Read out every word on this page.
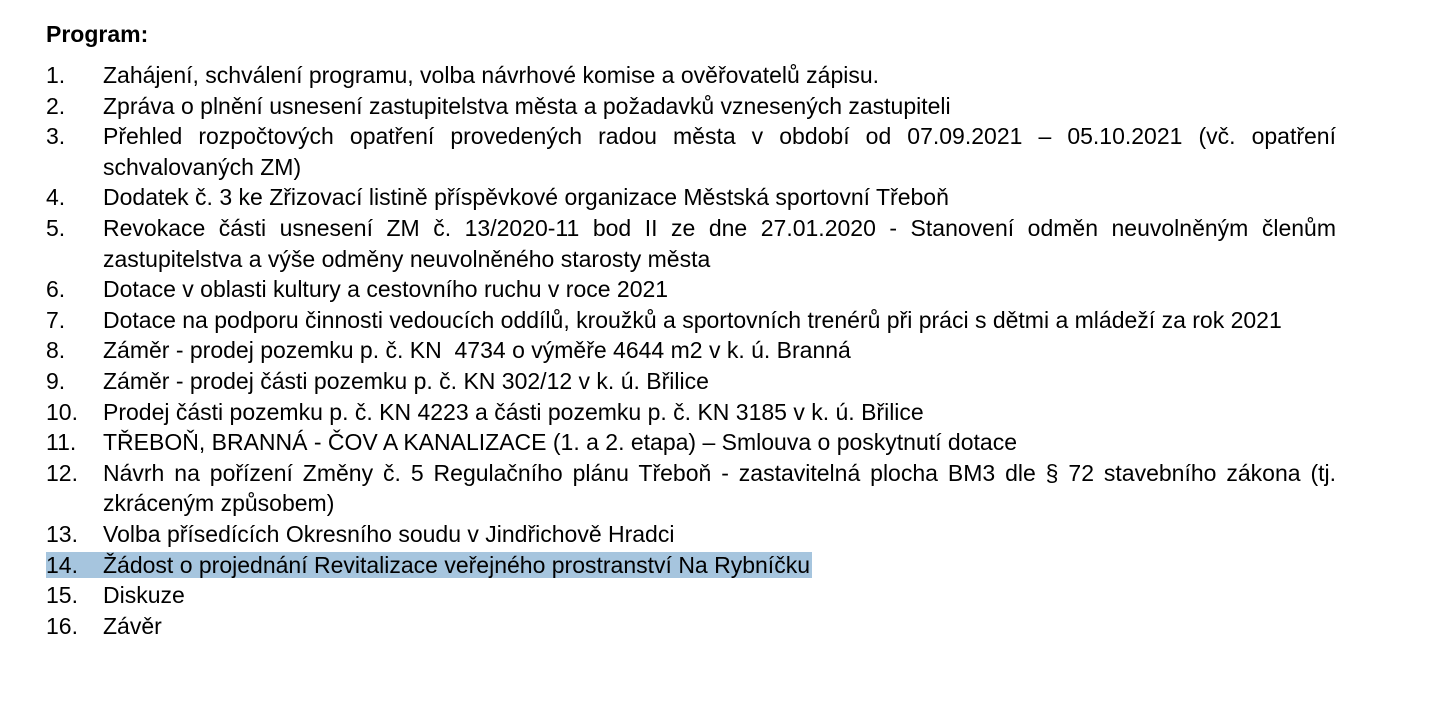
Program:
1. Zahájení, schválení programu, volba návrhové komise a ověřovatelů zápisu.
2. Zpráva o plnění usnesení zastupitelstva města a požadavků vznesených zastupiteli
3. Přehled rozpočtových opatření provedených radou města v období od 07.09.2021 – 05.10.2021 (vč. opatření schvalovaných ZM)
4. Dodatek č. 3 ke Zřizovací listině příspěvkové organizace Městská sportovní Třeboň
5. Revokace části usnesení ZM č. 13/2020-11 bod II ze dne 27.01.2020 - Stanovení odměn neuvolněným členům zastupitelstva a výše odměny neuvolněného starosty města
6. Dotace v oblasti kultury a cestovního ruchu v roce 2021
7. Dotace na podporu činnosti vedoucích oddílů, kroužků a sportovních trenérů při práci s dětmi a mládeží za rok 2021
8. Záměr - prodej pozemku p. č. KN  4734 o výměře 4644 m2 v k. ú. Branná
9. Záměr - prodej části pozemku p. č. KN 302/12 v k. ú. Břilice
10. Prodej části pozemku p. č. KN 4223 a části pozemku p. č. KN 3185 v k. ú. Břilice
11. TŘEBOŇ, BRANNÁ - ČOV A KANALIZACE (1. a 2. etapa) – Smlouva o poskytnutí dotace
12. Návrh na pořízení Změny č. 5 Regulačního plánu Třeboň - zastavitelná plocha BM3 dle § 72 stavebního zákona (tj. zkráceným způsobem)
13. Volba přísedících Okresního soudu v Jindřichově Hradci
14. Žádost o projednání Revitalizace veřejného prostranství Na Rybníčku
15. Diskuze
16. Závěr
